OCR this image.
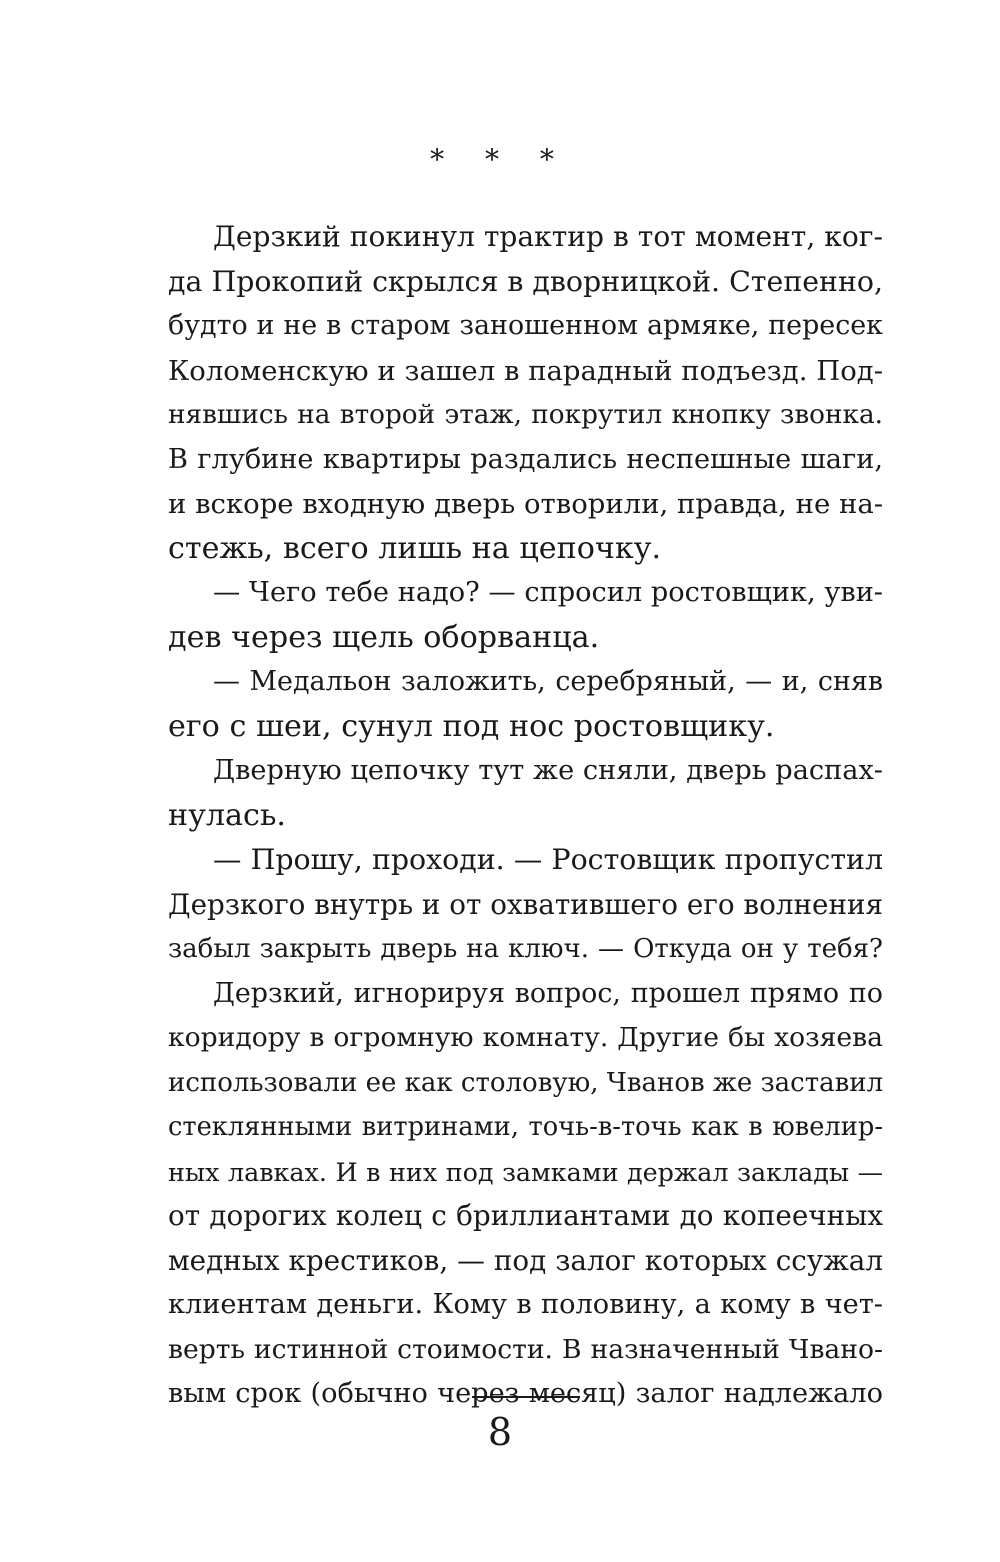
* * *
Дерзкий покинул трактир в тот момент, ког-
да Прокопий скрылся в дворницкой. Степенно,
будто и не в старом заношенном армяке, пересек
Коломенскую и зашел в парадный подъезд. Под-
нявшись на второй этаж, покрутил кнопку звонка.
В глубине квартиры раздались неспешные шаги,
и вскоре входную дверь отворили, правда, не на-
стежь, всего лишь на цепочку.
— Чего тебе надо? — спросил ростовщик, уви-
дев через щель оборванца.
— Медальон заложить, серебряный, — и, сняв
его с шеи, сунул под нос ростовщику.
Дверную цепочку тут же сняли, дверь распах-
нулась.
— Прошу, проходи. — Ростовщик пропустил
Дерзкого внутрь и от охватившего его волнения
забыл закрыть дверь на ключ. — Откуда он у тебя?
Дерзкий, игнорируя вопрос, прошел прямо по
коридору в огромную комнату. Другие бы хозяева
использовали ее как столовую, Чванов же заставил
стеклянными витринами, точь-в-точь как в ювелир-
ных лавках. И в них под замками держал заклады —
от дорогих колец с бриллиантами до копеечных
медных крестиков, — под залог которых ссужал
клиентам деньги. Кому в половину, а кому в чет-
верть истинной стоимости. В назначенный Чвано-
вым срок (обычно через месяц) залог надлежало
8
